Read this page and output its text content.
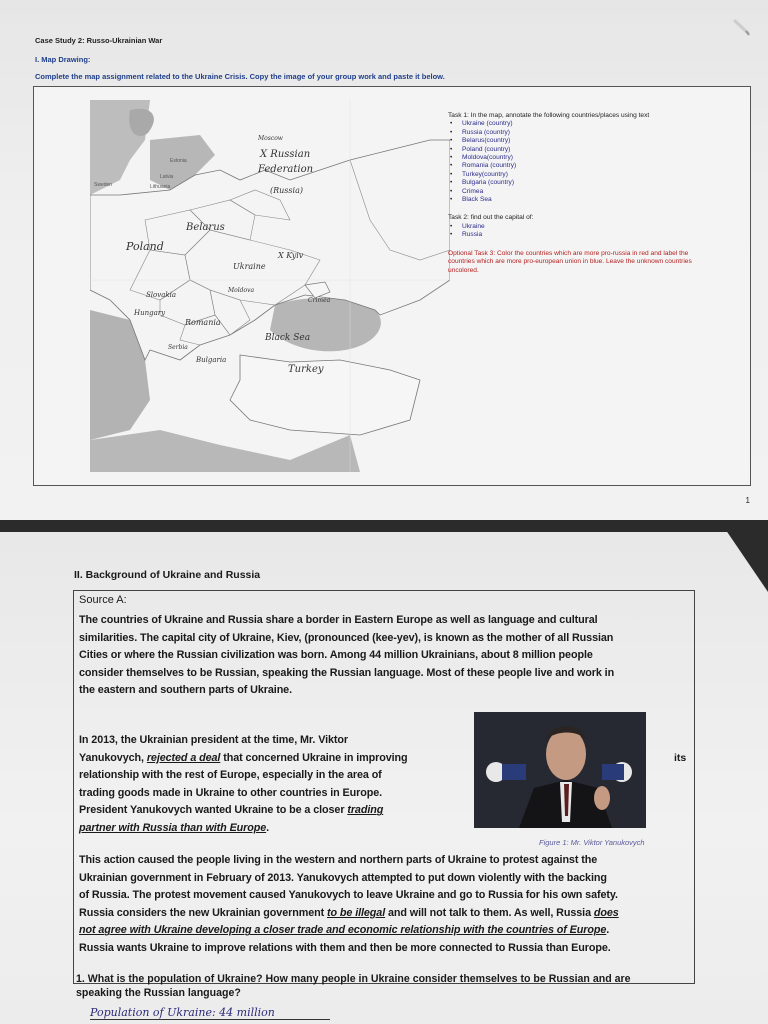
Case Study 2: Russo-Ukrainian War
I. Map Drawing:
Complete the map assignment related to the Ukraine Crisis. Copy the image of your group work and paste it below.
X Russian
Federation
(Russia)
Moscow
Belarus
Poland
Ukraine
X Kyiv
Slovakia
Hungary
Romania
Moldova
Crimea
Serbia
Bulgaria
Black Sea
Turkey
Lithuania
Latvia
Estonia
Sweden
Task 1: In the map, annotate the following countries/places using text
• Ukraine (country)
• Russia (country)
• Belarus(country)
• Poland (country)
• Moldova(country)
• Romania (country)
• Turkey(country)
• Bulgaria (country)
• Crimea
• Black Sea
Task 2: find out the capital of:
• Ukraine
• Russia
Optional Task 3: Color the countries which are more pro-russia in red and label the countries which are more pro-european union in blue. Leave the unknown countries uncolored.
1
II. Background of Ukraine and Russia
Source A:
The countries of Ukraine and Russia share a border in Eastern Europe as well as language and cultural
similarities. The capital city of Ukraine, Kiev, (pronounced (kee-yev), is known as the mother of all Russian
Cities or where the Russian civilization was born. Among 44 million Ukrainians, about 8 million people
consider themselves to be Russian, speaking the Russian language. Most of these people live and work in
the eastern and southern parts of Ukraine.
In 2013, the Ukrainian president at the time, Mr. Viktor
Yanukovych, rejected a deal that concerned Ukraine in improving
relationship with the rest of Europe, especially in the area of
trading goods made in Ukraine to other countries in Europe.
President Yanukovych wanted Ukraine to be a closer trading
partner with Russia than with Europe.
its
Figure 1: Mr. Viktor Yanukovych
This action caused the people living in the western and northern parts of Ukraine to protest against the
Ukrainian government in February of 2013. Yanukovych attempted to put down violently with the backing
of Russia. The protest movement caused Yanukovych to leave Ukraine and go to Russia for his own safety.
Russia considers the new Ukrainian government to be illegal and will not talk to them. As well, Russia does
not agree with Ukraine developing a closer trade and economic relationship with the countries of Europe.
Russia wants Ukraine to improve relations with them and then be more connected to Russia than Europe.
1. What is the population of Ukraine? How many people in Ukraine consider themselves to be Russian and are speaking the Russian language?
Population of Ukraine: 44 million
